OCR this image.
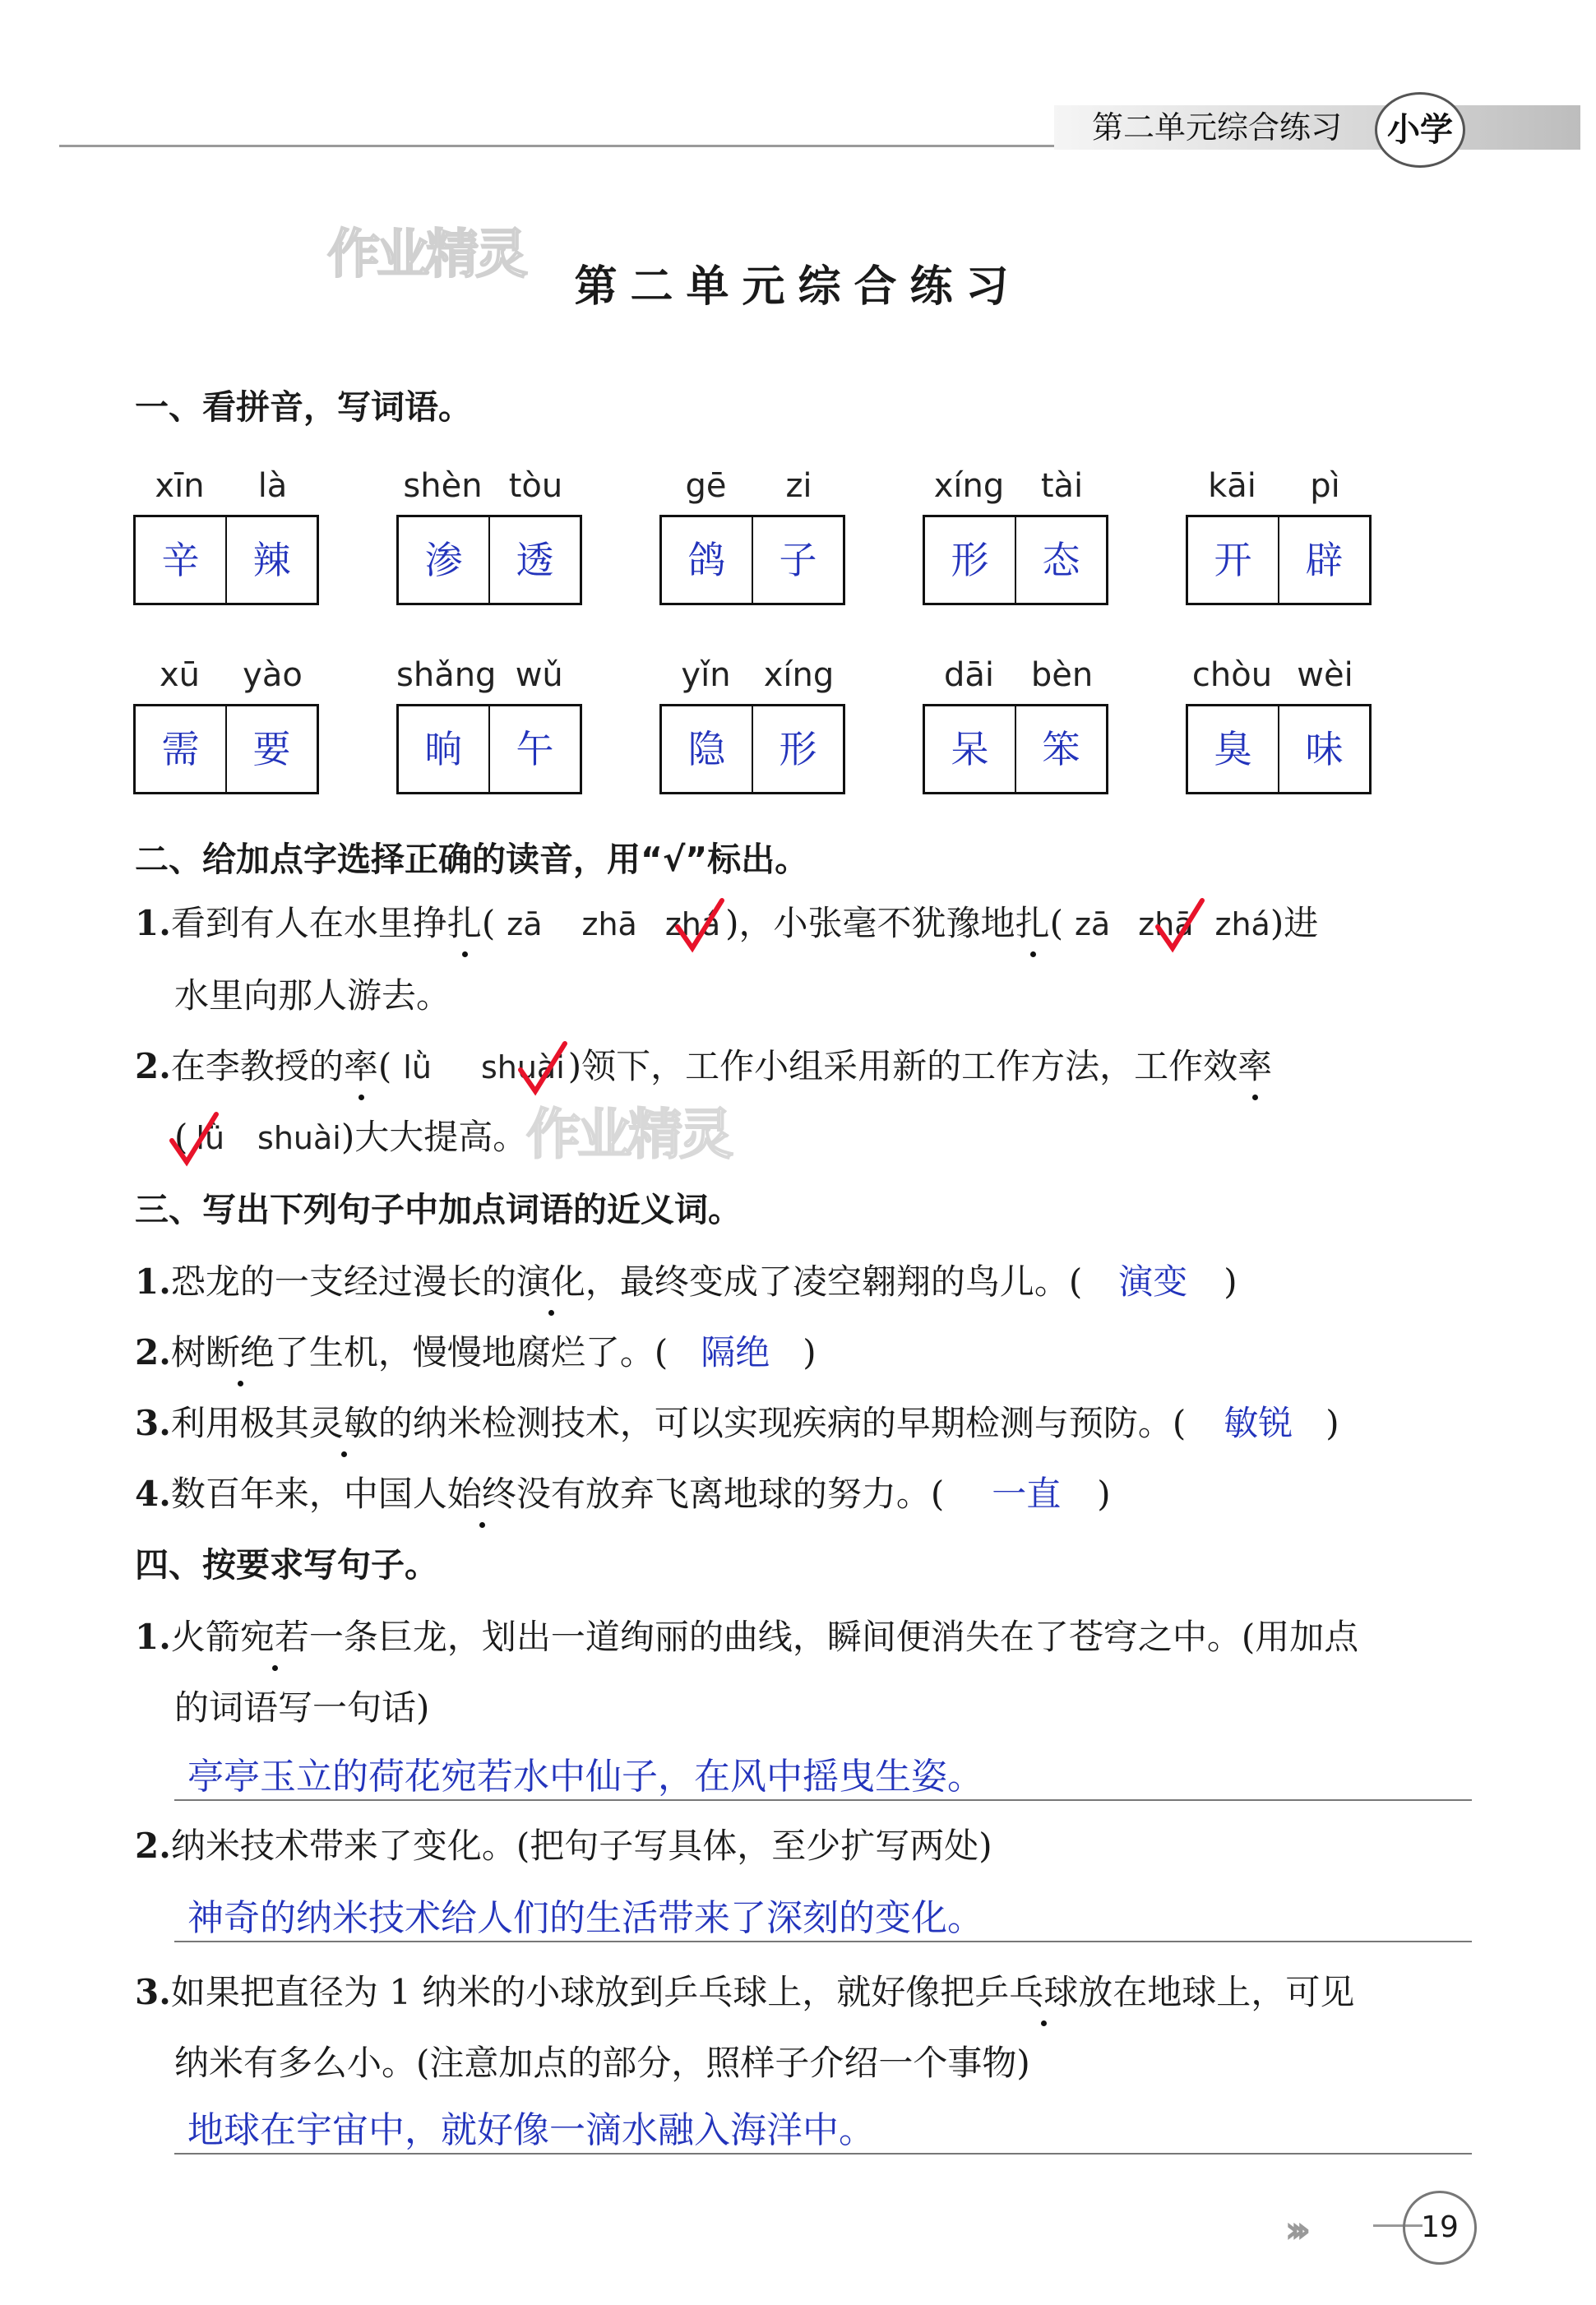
第二单元综合练习	小学
作业精灵
第二单元综合练习
一、看拼音，写词语。
xīn	là
辛	辣
shèn tòu
渗	透
gē	zi
鸽	子
xíng	tài
形	态
kāi	pì
开	辟
xū	yào
需	要
shǎng wǔ
晌	午
yǐn	xíng
隐	形
dāi	bèn
呆	笨
chòu wèi
臭	味
二、给加点字选择正确的读音，用“√”标出。
1.看到有人在水里挣扎( zā zhā zhá )，小张毫不犹豫地扎( zā zhā zhá)进
水里向那人游去。
2.在李教授的率( lǜ shuài)领下，工作小组采用新的工作方法，工作效率
( lǜ shuài)大大提高。
作业精灵
三、写出下列句子中加点词语的近义词。
1.恐龙的一支经过漫长的演化，最终变成了凌空翱翔的鸟儿。( 演变 )
2.树断绝了生机，慢慢地腐烂了。( 隔绝 )
3.利用极其灵敏的纳米检测技术，可以实现疾病的早期检测与预防。( 敏锐 )
4.数百年来，中国人始终没有放弃飞离地球的努力。( 一直 )
四、按要求写句子。
1.火箭宛若一条巨龙，划出一道绚丽的曲线，瞬间便消失在了苍穹之中。(用加点
的词语写一句话)
亭亭玉立的荷花宛若水中仙子，在风中摇曳生姿。
2.纳米技术带来了变化。(把句子写具体，至少扩写两处)
神奇的纳米技术给人们的生活带来了深刻的变化。
3.如果把直径为 1 纳米的小球放到乒乓球上，就好像把乒乓球放在地球上，可见
纳米有多么小。(注意加点的部分，照样子介绍一个事物)
地球在宇宙中，就好像一滴水融入海洋中。
›››	19
